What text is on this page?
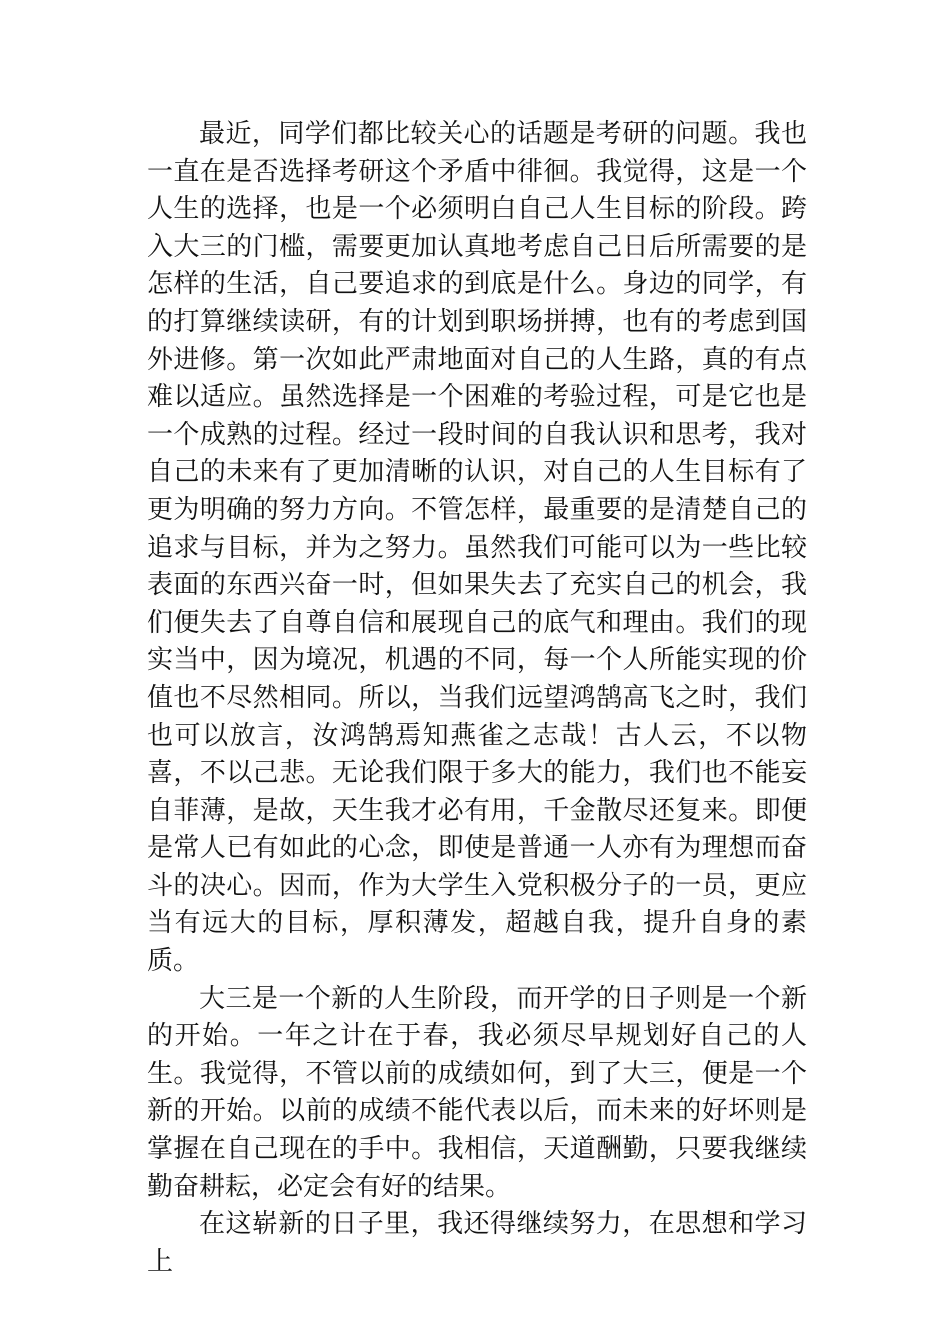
最近，同学们都比较关心的话题是考研的问题。我也一直在是否选择考研这个矛盾中徘徊。我觉得，这是一个人生的选择，也是一个必须明白自己人生目标的阶段。跨入大三的门槛，需要更加认真地考虑自己日后所需要的是怎样的生活，自己要追求的到底是什么。身边的同学，有的打算继续读研，有的计划到职场拼搏，也有的考虑到国外进修。第一次如此严肃地面对自己的人生路，真的有点难以适应。虽然选择是一个困难的考验过程，可是它也是一个成熟的过程。经过一段时间的自我认识和思考，我对自己的未来有了更加清晰的认识，对自己的人生目标有了更为明确的努力方向。不管怎样，最重要的是清楚自己的追求与目标，并为之努力。虽然我们可能可以为一些比较表面的东西兴奋一时，但如果失去了充实自己的机会，我们便失去了自尊自信和展现自己的底气和理由。我们的现实当中，因为境况，机遇的不同，每一个人所能实现的价值也不尽然相同。所以，当我们远望鸿鹄高飞之时，我们也可以放言，汝鸿鹄焉知燕雀之志哉！古人云，不以物喜，不以己悲。无论我们限于多大的能力，我们也不能妄自菲薄，是故，天生我才必有用，千金散尽还复来。即便是常人已有如此的心念，即使是普通一人亦有为理想而奋斗的决心。因而，作为大学生入党积极分子的一员，更应当有远大的目标，厚积薄发，超越自我，提升自身的素质。

大三是一个新的人生阶段，而开学的日子则是一个新的开始。一年之计在于春，我必须尽早规划好自己的人生。我觉得，不管以前的成绩如何，到了大三，便是一个新的开始。以前的成绩不能代表以后，而未来的好坏则是掌握在自己现在的手中。我相信，天道酬勤，只要我继续勤奋耕耘，必定会有好的结果。

在这崭新的日子里，我还得继续努力，在思想和学习上
